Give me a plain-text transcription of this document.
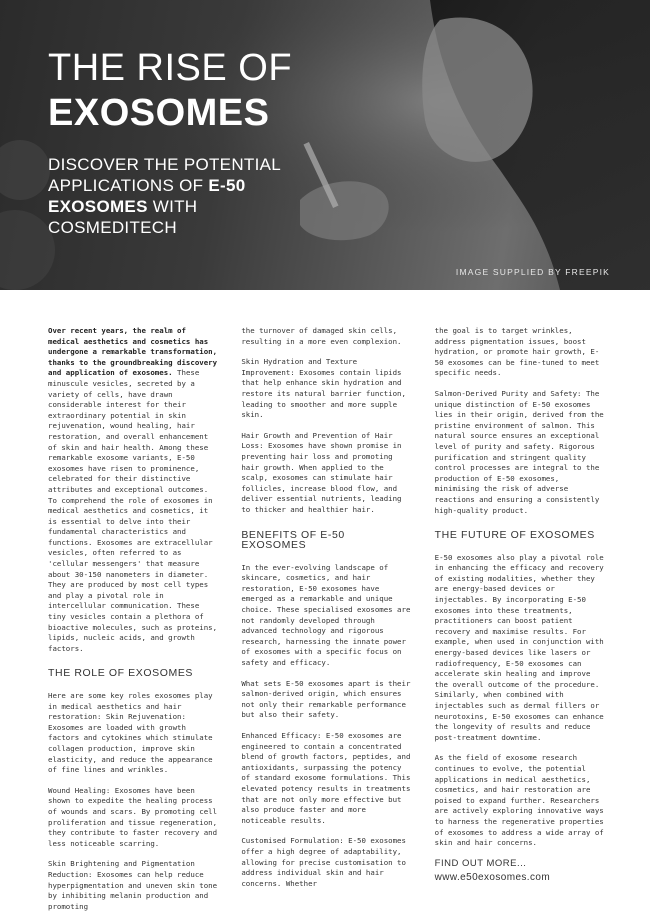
THE RISE OF
EXOSOMES
DISCOVER THE POTENTIAL APPLICATIONS OF E-50 EXOSOMES WITH COSMEDITECH
IMAGE SUPPLIED BY FREEPIK

Over recent years, the realm of medical aesthetics and cosmetics has undergone a remarkable transformation, thanks to the groundbreaking discovery and application of exosomes. These minuscule vesicles, secreted by a variety of cells, have drawn considerable interest for their extraordinary potential in skin rejuvenation, wound healing, hair restoration, and overall enhancement of skin and hair health. Among these remarkable exosome variants, E-50 exosomes have risen to prominence, celebrated for their distinctive attributes and exceptional outcomes. To comprehend the role of exosomes in medical aesthetics and cosmetics, it is essential to delve into their fundamental characteristics and functions. Exosomes are extracellular vesicles, often referred to as 'cellular messengers' that measure about 30-150 nanometers in diameter. They are produced by most cell types and play a pivotal role in intercellular communication. These tiny vesicles contain a plethora of bioactive molecules, such as proteins, lipids, nucleic acids, and growth factors.

THE ROLE OF EXOSOMES

Here are some key roles exosomes play in medical aesthetics and hair restoration: Skin Rejuvenation: Exosomes are loaded with growth factors and cytokines which stimulate collagen production, improve skin elasticity, and reduce the appearance of fine lines and wrinkles.

Wound Healing: Exosomes have been shown to expedite the healing process of wounds and scars. By promoting cell proliferation and tissue regeneration, they contribute to faster recovery and less noticeable scarring.

Skin Brightening and Pigmentation Reduction: Exosomes can help reduce hyperpigmentation and uneven skin tone by inhibiting melanin production and promoting

the turnover of damaged skin cells, resulting in a more even complexion.

Skin Hydration and Texture Improvement: Exosomes contain lipids that help enhance skin hydration and restore its natural barrier function, leading to smoother and more supple skin.

Hair Growth and Prevention of Hair Loss: Exosomes have shown promise in preventing hair loss and promoting hair growth. When applied to the scalp, exosomes can stimulate hair follicles, increase blood flow, and deliver essential nutrients, leading to thicker and healthier hair.

BENEFITS OF E-50 EXOSOMES

In the ever-evolving landscape of skincare, cosmetics, and hair restoration, E-50 exosomes have emerged as a remarkable and unique choice. These specialised exosomes are not randomly developed through advanced technology and rigorous research, harnessing the innate power of exosomes with a specific focus on safety and efficacy.

What sets E-50 exosomes apart is their salmon-derived origin, which ensures not only their remarkable performance but also their safety.

Enhanced Efficacy: E-50 exosomes are engineered to contain a concentrated blend of growth factors, peptides, and antioxidants, surpassing the potency of standard exosome formulations. This elevated potency results in treatments that are not only more effective but also produce faster and more noticeable results.

Customised Formulation: E-50 exosomes offer a high degree of adaptability, allowing for precise customisation to address individual skin and hair concerns. Whether

the goal is to target wrinkles, address pigmentation issues, boost hydration, or promote hair growth, E-50 exosomes can be fine-tuned to meet specific needs.

Salmon-Derived Purity and Safety: The unique distinction of E-50 exosomes lies in their origin, derived from the pristine environment of salmon. This natural source ensures an exceptional level of purity and safety. Rigorous purification and stringent quality control processes are integral to the production of E-50 exosomes, minimising the risk of adverse reactions and ensuring a consistently high-quality product.

THE FUTURE OF EXOSOMES

E-50 exosomes also play a pivotal role in enhancing the efficacy and recovery of existing modalities, whether they are energy-based devices or injectables. By incorporating E-50 exosomes into these treatments, practitioners can boost patient recovery and maximise results. For example, when used in conjunction with energy-based devices like lasers or radiofrequency, E-50 exosomes can accelerate skin healing and improve the overall outcome of the procedure. Similarly, when combined with injectables such as dermal fillers or neurotoxins, E-50 exosomes can enhance the longevity of results and reduce post-treatment downtime.

As the field of exosome research continues to evolve, the potential applications in medical aesthetics, cosmetics, and hair restoration are poised to expand further. Researchers are actively exploring innovative ways to harness the regenerative properties of exosomes to address a wide array of skin and hair concerns.

FIND OUT MORE...
www.e50exosomes.com
